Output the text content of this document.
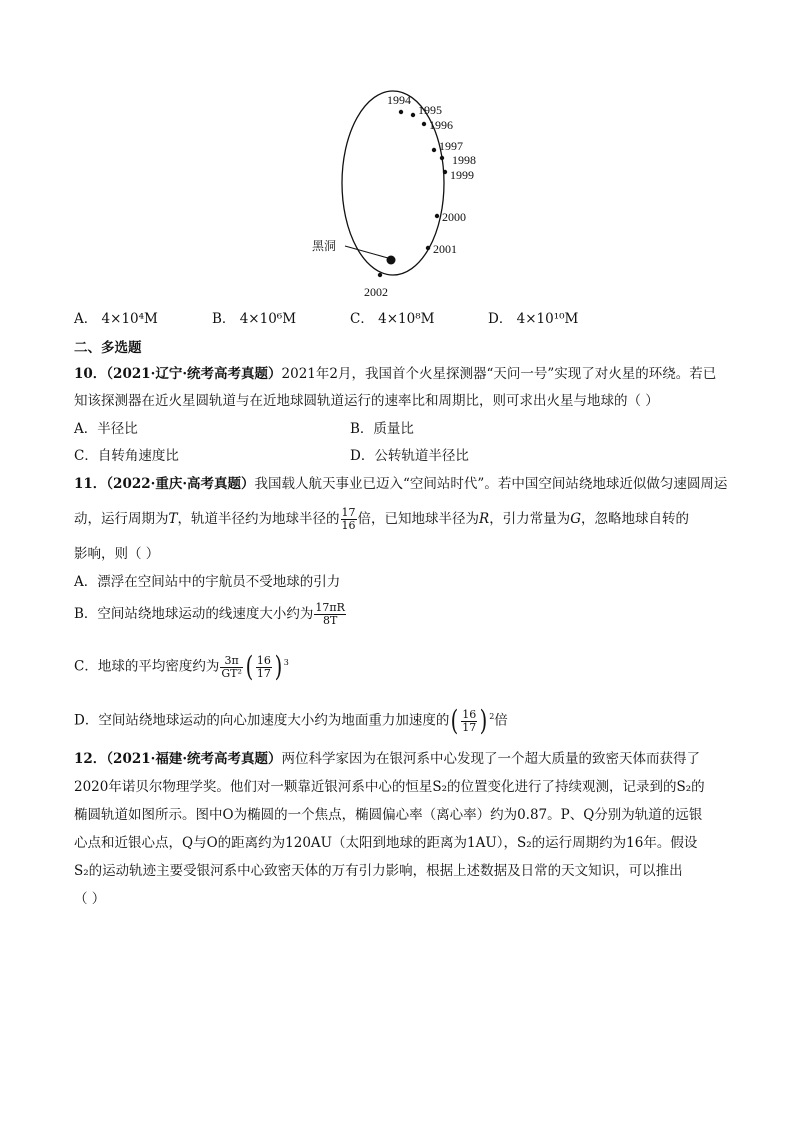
1994
1995
1996
1997
1998
1999
2000
2001
2002
黑洞
A． 4×10⁴M	B． 4×10⁶M	C． 4×10⁸M	D． 4×10¹⁰M
二、多选题
10．（2021·辽宁·统考高考真题）2021年2月，我国首个火星探测器“天问一号”实现了对火星的环绕。若已
知该探测器在近火星圆轨道与在近地球圆轨道运行的速率比和周期比，则可求出火星与地球的（ ）
A．半径比	B．质量比
C．自转角速度比	D．公转轨道半径比
11．（2022·重庆·高考真题）我国载人航天事业已迈入“空间站时代”。若中国空间站绕地球近似做匀速圆周运
动，运行周期为T，轨道半径约为地球半径的 $\frac{17}{16}$ 倍，已知地球半径为R，引力常量为G，忽略地球自转的
影响，则（ ）
A．漂浮在空间站中的宇航员不受地球的引力
B．空间站绕地球运动的线速度大小约为 $\frac{17\pi R}{8T}$
C．地球的平均密度约为 $\frac{3\pi}{\text{GT²}}$ ( $\frac{16}{17}$ ) $^3$
D．空间站绕地球运动的向心加速度大小约为地面重力加速度的( $\frac{16}{17}$ ) $^2$倍
12．（2021·福建·统考高考真题）两位科学家因为在银河系中心发现了一个超大质量的致密天体而获得了
2020年诺贝尔物理学奖。他们对一颗靠近银河系中心的恒星S₂的位置变化进行了持续观测，记录到的S₂的
椭圆轨道如图所示。图中O为椭圆的一个焦点，椭圆偏心率（离心率）约为0.87。P、Q分别为轨道的远银
心点和近银心点，Q与O的距离约为120AU（太阳到地球的距离为1AU），S₂的运行周期约为16年。假设
S₂的运动轨迹主要受银河系中心致密天体的万有引力影响，根据上述数据及日常的天文知识，可以推出
（ ）
